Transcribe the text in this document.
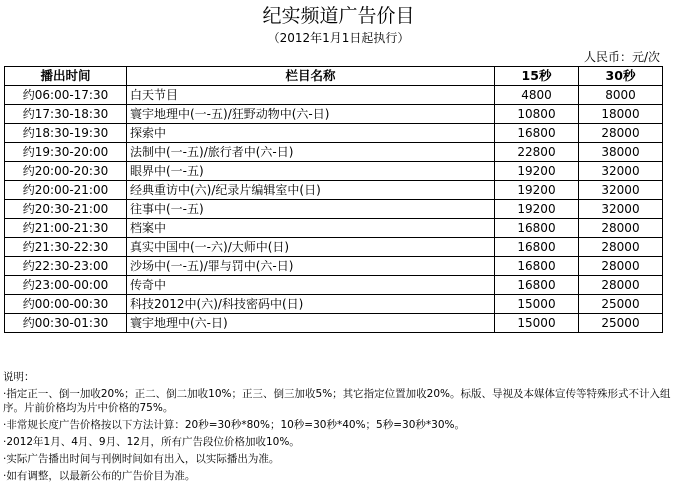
纪实频道广告价目
（2012年1月1日起执行）
人民币：元/次
播出时间	栏目名称	15秒	30秒
约06:00-17:30	白天节目	4800	8000
约17:30-18:30	寰宇地理中(一-五)/狂野动物中(六-日)	10800	18000
约18:30-19:30	探索中	16800	28000
约19:30-20:00	法制中(一-五)/旅行者中(六-日)	22800	38000
约20:00-20:30	眼界中(一-五)	19200	32000
约20:00-21:00	经典重访中(六)/纪录片编辑室中(日)	19200	32000
约20:30-21:00	往事中(一-五)	19200	32000
约21:00-21:30	档案中	16800	28000
约21:30-22:30	真实中国中(一-六)/大师中(日)	16800	28000
约22:30-23:00	沙场中(一-五)/罪与罚中(六-日)	16800	28000
约23:00-00:00	传奇中	16800	28000
约00:00-00:30	科技2012中(六)/科技密码中(日)	15000	25000
约00:30-01:30	寰宇地理中(六-日)	15000	25000
说明：
·指定正一、倒一加收20%；正二、倒二加收10%；正三、倒三加收5%；其它指定位置加收20%。标版、导视及本媒体宣传等特殊形式不计入组序。片前价格均为片中价格的75%。
·非常规长度广告价格按以下方法计算：20秒=30秒*80%；10秒=30秒*40%；5秒=30秒*30%。
·2012年1月、4月、9月、12月，所有广告段位价格加收10%。
·实际广告播出时间与刊例时间如有出入，以实际播出为准。
·如有调整，以最新公布的广告价目为准。
